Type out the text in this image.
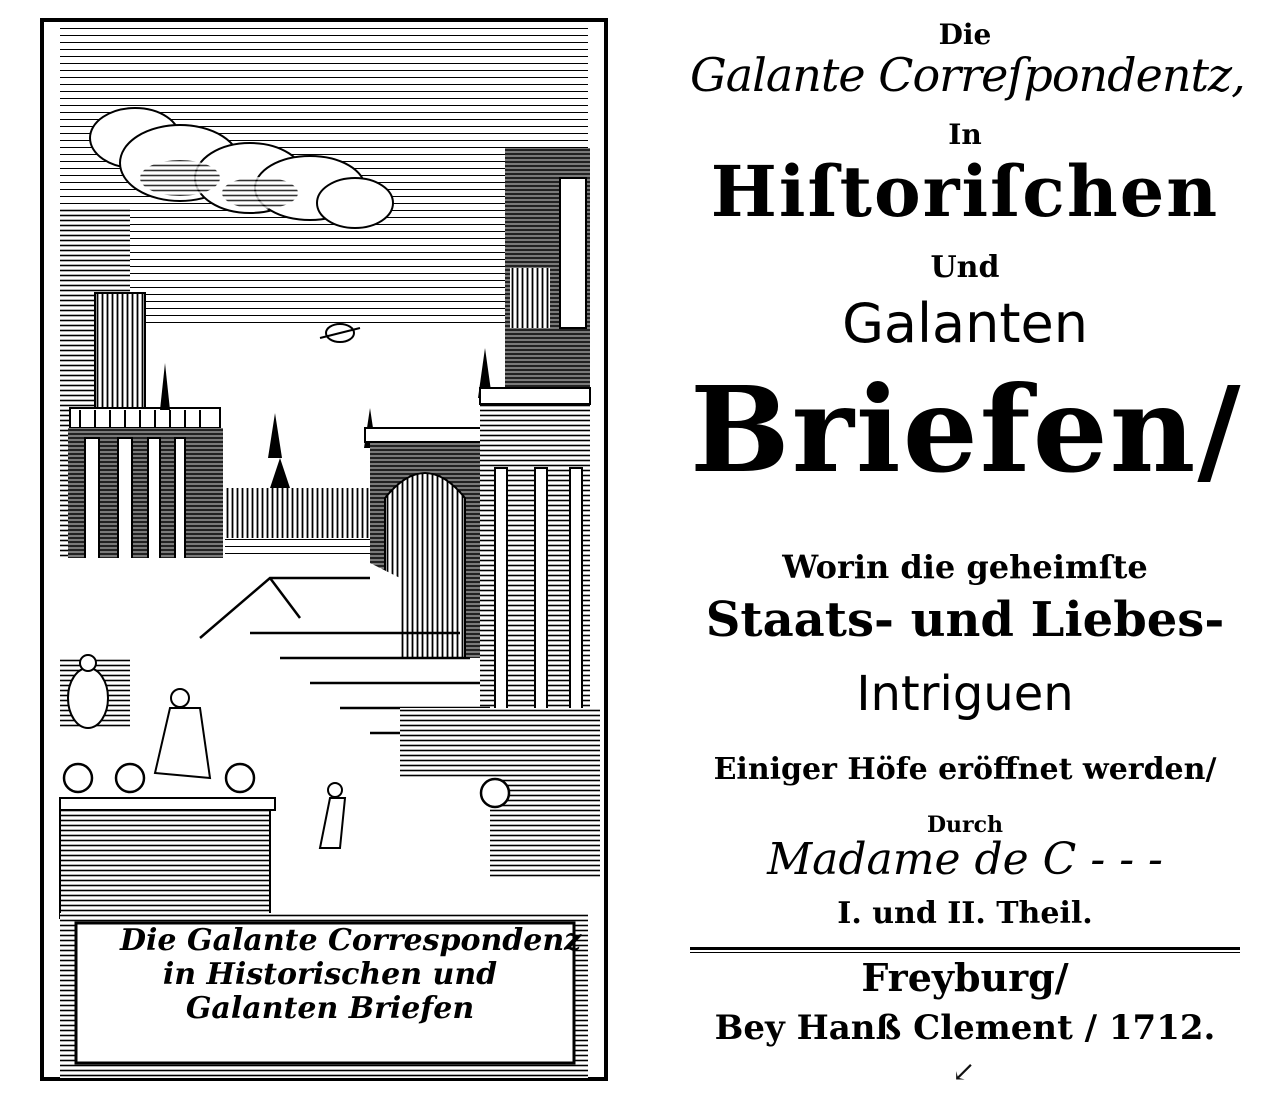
Die Galante Correspondenz
in Historischen und
Galanten Briefen
Die
Galante Correſpondentz,
In
Hiſtoriſchen
Und
Galanten
Briefen/
Worin die geheimſte
Staats- und Liebes-
Intriguen
Einiger Höfe eröffnet werden/
Durch
Madame de C - - -
I. und II. Theil.
Freyburg/
Bey Hanß Clement / 1712.
↙
